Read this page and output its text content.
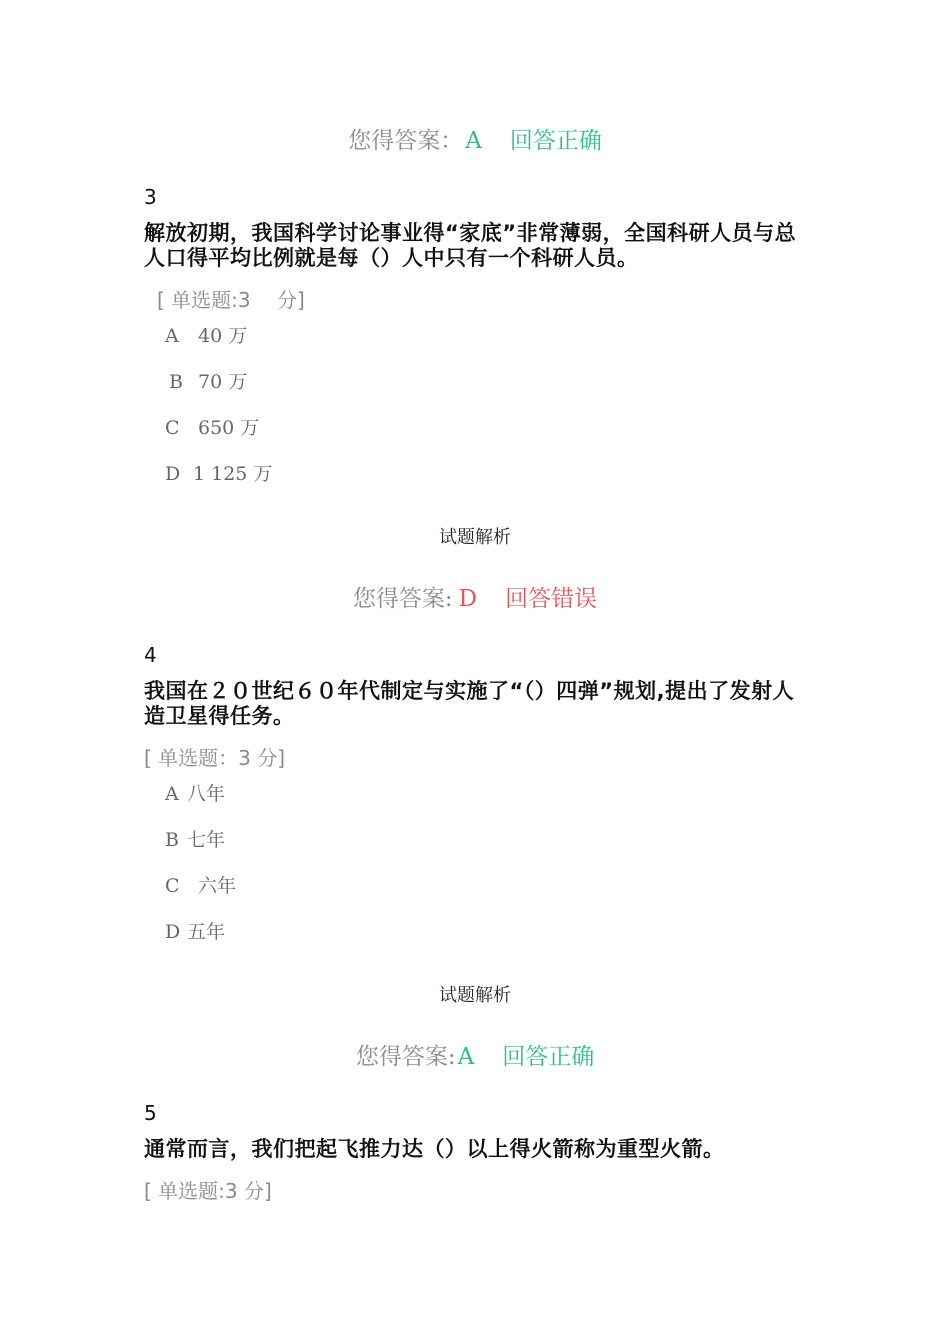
您得答案：A 回答正确
3
解放初期，我国科学讨论事业得“家底”非常薄弱，全国科研人员与总人口得平均比例就是每（）人中只有一个科研人员。
[ 单选题:3　 分]
A 40 万
B 70 万
C 650 万
D 1 125 万
试题解析
您得答案: D 回答错误
4
我国在２０世纪６０年代制定与实施了“（）四弹”规划,提出了发射人造卫星得任务。
[ 单选题：3 分]
A 八年
B 七年
C 六年
D 五年
试题解析
您得答案:A 回答正确
5
通常而言，我们把起飞推力达（）以上得火箭称为重型火箭。
[ 单选题:3 分]
